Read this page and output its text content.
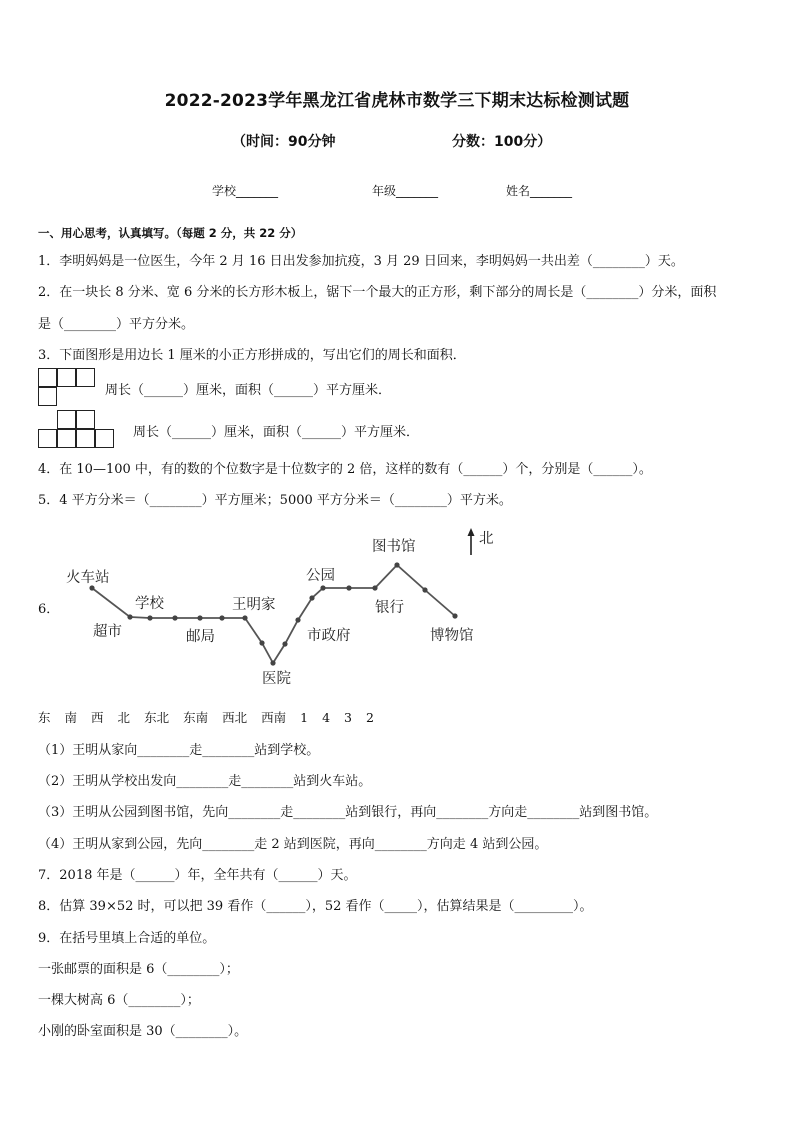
2022-2023学年黑龙江省虎林市数学三下期末达标检测试题
（时间：90分钟	分数：100分）
学校_______	年级_______	姓名_______
一、用心思考，认真填写。（每题 2 分，共 22 分）
1．李明妈妈是一位医生，今年 2 月 16 日出发参加抗疫，3 月 29 日回来，李明妈妈一共出差（________）天。
2．在一块长 8 分米、宽 6 分米的长方形木板上，锯下一个最大的正方形，剩下部分的周长是（________）分米，面积
是（________）平方分米。
3．下面图形是用边长 1 厘米的小正方形拼成的，写出它们的周长和面积．
周长（______）厘米，面积（______）平方厘米．
周长（______）厘米，面积（______）平方厘米．
4．在 10—100 中，有的数的个位数字是十位数字的 2 倍，这样的数有（______）个，分别是（______）。
5．4 平方分米＝（________）平方厘米；5000 平方分米＝（________）平方米。
6．
火车站
超市
学校
邮局
王明家
医院
市政府
公园
图书馆
银行
博物馆
北
东 南 西 北 东北 东南 西北 西南 1 4 3 2
（1）王明从家向________走________站到学校。
（2）王明从学校出发向________走________站到火车站。
（3）王明从公园到图书馆，先向________走________站到银行，再向________方向走________站到图书馆。
（4）王明从家到公园，先向________走 2 站到医院，再向________方向走 4 站到公园。
7．2018 年是（______）年，全年共有（______）天。
8．估算 39×52 时，可以把 39 看作（______），52 看作（_____），估算结果是（_________）。
9．在括号里填上合适的单位。
一张邮票的面积是 6（________）；
一棵大树高 6（________）；
小刚的卧室面积是 30（________）。
